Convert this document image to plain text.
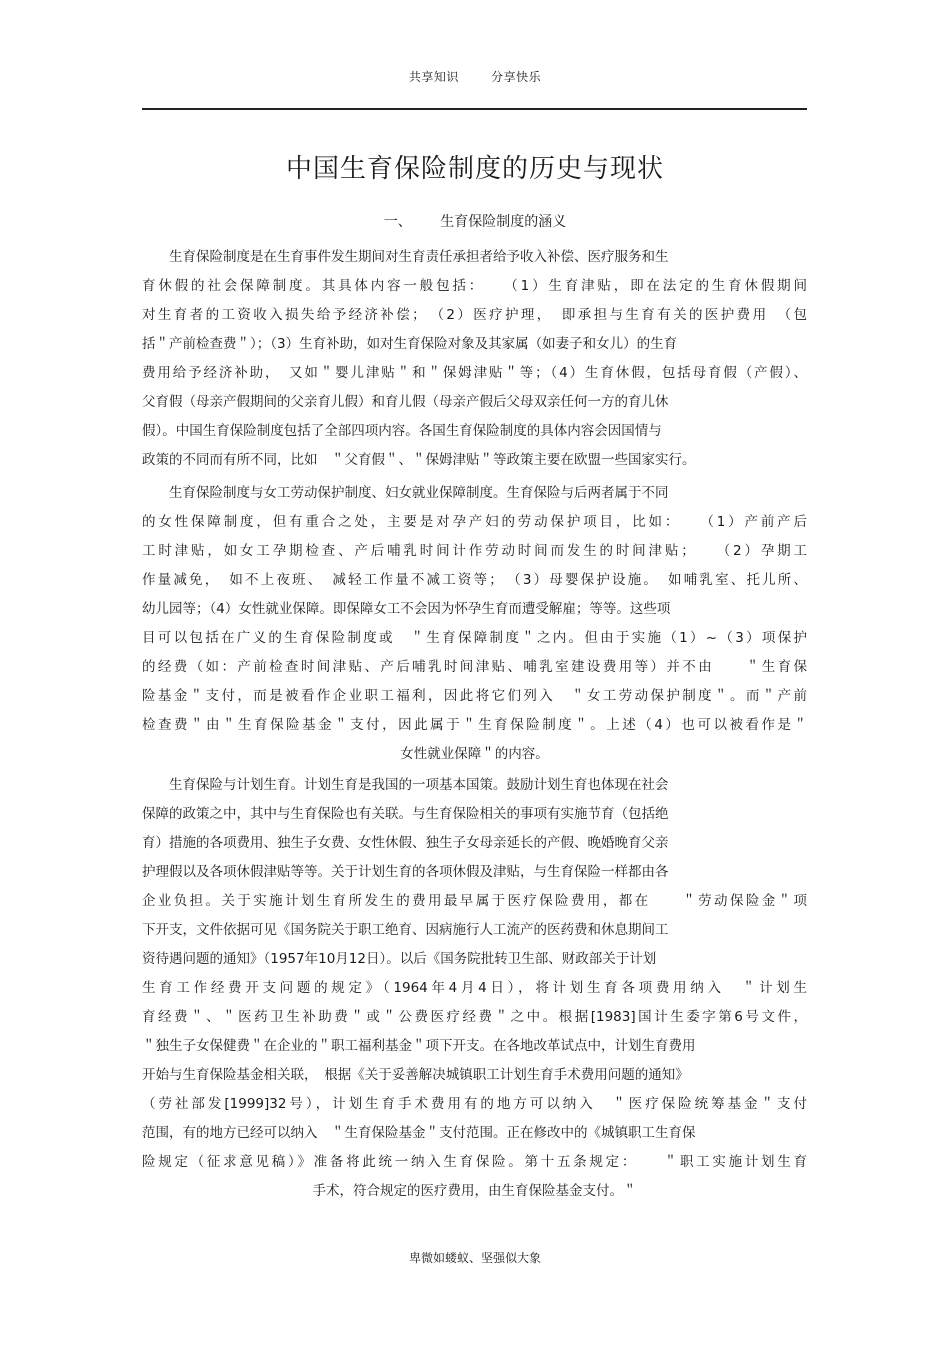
共享知识	分享快乐
中国生育保险制度的历史与现状
一、 生育保险制度的涵义
　　生育保险制度是在生育事件发生期间对生育责任承担者给予收入补偿、医疗服务和生
育休假的社会保障制度。其具体内容一般包括：　　（1）生育津贴，即在法定的生育休假期间
对生育者的工资收入损失给予经济补偿；　（2）医疗护理，　即承担与生育有关的医护费用　（包
括＂产前检查费＂）；（3）生育补助，如对生育保险对象及其家属（如妻子和女儿）的生育
费用给予经济补助，　又如＂婴儿津贴＂和＂保姆津贴＂等；（4）生育休假，包括母育假（产假）、
父育假（母亲产假期间的父亲育儿假）和育儿假（母亲产假后父母双亲任何一方的育儿休
假）。中国生育保险制度包括了全部四项内容。各国生育保险制度的具体内容会因国情与
政策的不同而有所不同，比如　＂父育假＂、＂保姆津贴＂等政策主要在欧盟一些国家实行。
　　生育保险制度与女工劳动保护制度、妇女就业保障制度。生育保险与后两者属于不同
的女性保障制度，但有重合之处，主要是对孕产妇的劳动保护项目，比如：　　（1）产前产后
工时津贴，如女工孕期检查、产后哺乳时间计作劳动时间而发生的时间津贴；　　（2）孕期工
作量减免，　如不上夜班、　减轻工作量不减工资等；　（3）母婴保护设施。　如哺乳室、托儿所、
幼儿园等；（4）女性就业保障。即保障女工不会因为怀孕生育而遭受解雇；等等。这些项
目可以包括在广义的生育保险制度或　＂生育保障制度＂之内。但由于实施（1）~（3）项保护
的经费（如：产前检查时间津贴、产后哺乳时间津贴、哺乳室建设费用等）并不由　　＂生育保
险基金＂支付，而是被看作企业职工福利，因此将它们列入　＂女工劳动保护制度＂。而＂产前
检查费＂由＂生育保险基金＂支付，因此属于＂生育保险制度＂。上述（4）也可以被看作是＂
女性就业保障＂的内容。
　　生育保险与计划生育。计划生育是我国的一项基本国策。鼓励计划生育也体现在社会
保障的政策之中，其中与生育保险也有关联。与生育保险相关的事项有实施节育（包括绝
育）措施的各项费用、独生子女费、女性休假、独生子女母亲延长的产假、晚婚晚育父亲
护理假以及各项休假津贴等等。关于计划生育的各项休假及津贴，与生育保险一样都由各
企业负担。关于实施计划生育所发生的费用最早属于医疗保险费用，都在　　＂劳动保险金＂项
下开支，文件依据可见《国务院关于职工绝育、因病施行人工流产的医药费和休息期间工
资待遇问题的通知》（1957年10月12日）。以后《国务院批转卫生部、财政部关于计划
生育工作经费开支问题的规定》（1964年4月4日），将计划生育各项费用纳入　＂计划生
育经费＂、＂医药卫生补助费＂或＂公费医疗经费＂之中。根据[1983]国计生委字第6号文件，
＂独生子女保健费＂在企业的＂职工福利基金＂项下开支。在各地改革试点中，计划生育费用
开始与生育保险基金相关联，　根据《关于妥善解决城镇职工计划生育手术费用问题的通知》
（劳社部发[1999]32号），计划生育手术费用有的地方可以纳入　＂医疗保险统筹基金＂支付
范围，有的地方已经可以纳入　＂生育保险基金＂支付范围。正在修改中的《城镇职工生育保
险规定（征求意见稿）》准备将此统一纳入生育保险。第十五条规定：　　＂职工实施计划生育
手术，符合规定的医疗费用，由生育保险基金支付。＂
卑微如蝼蚁、坚强似大象
